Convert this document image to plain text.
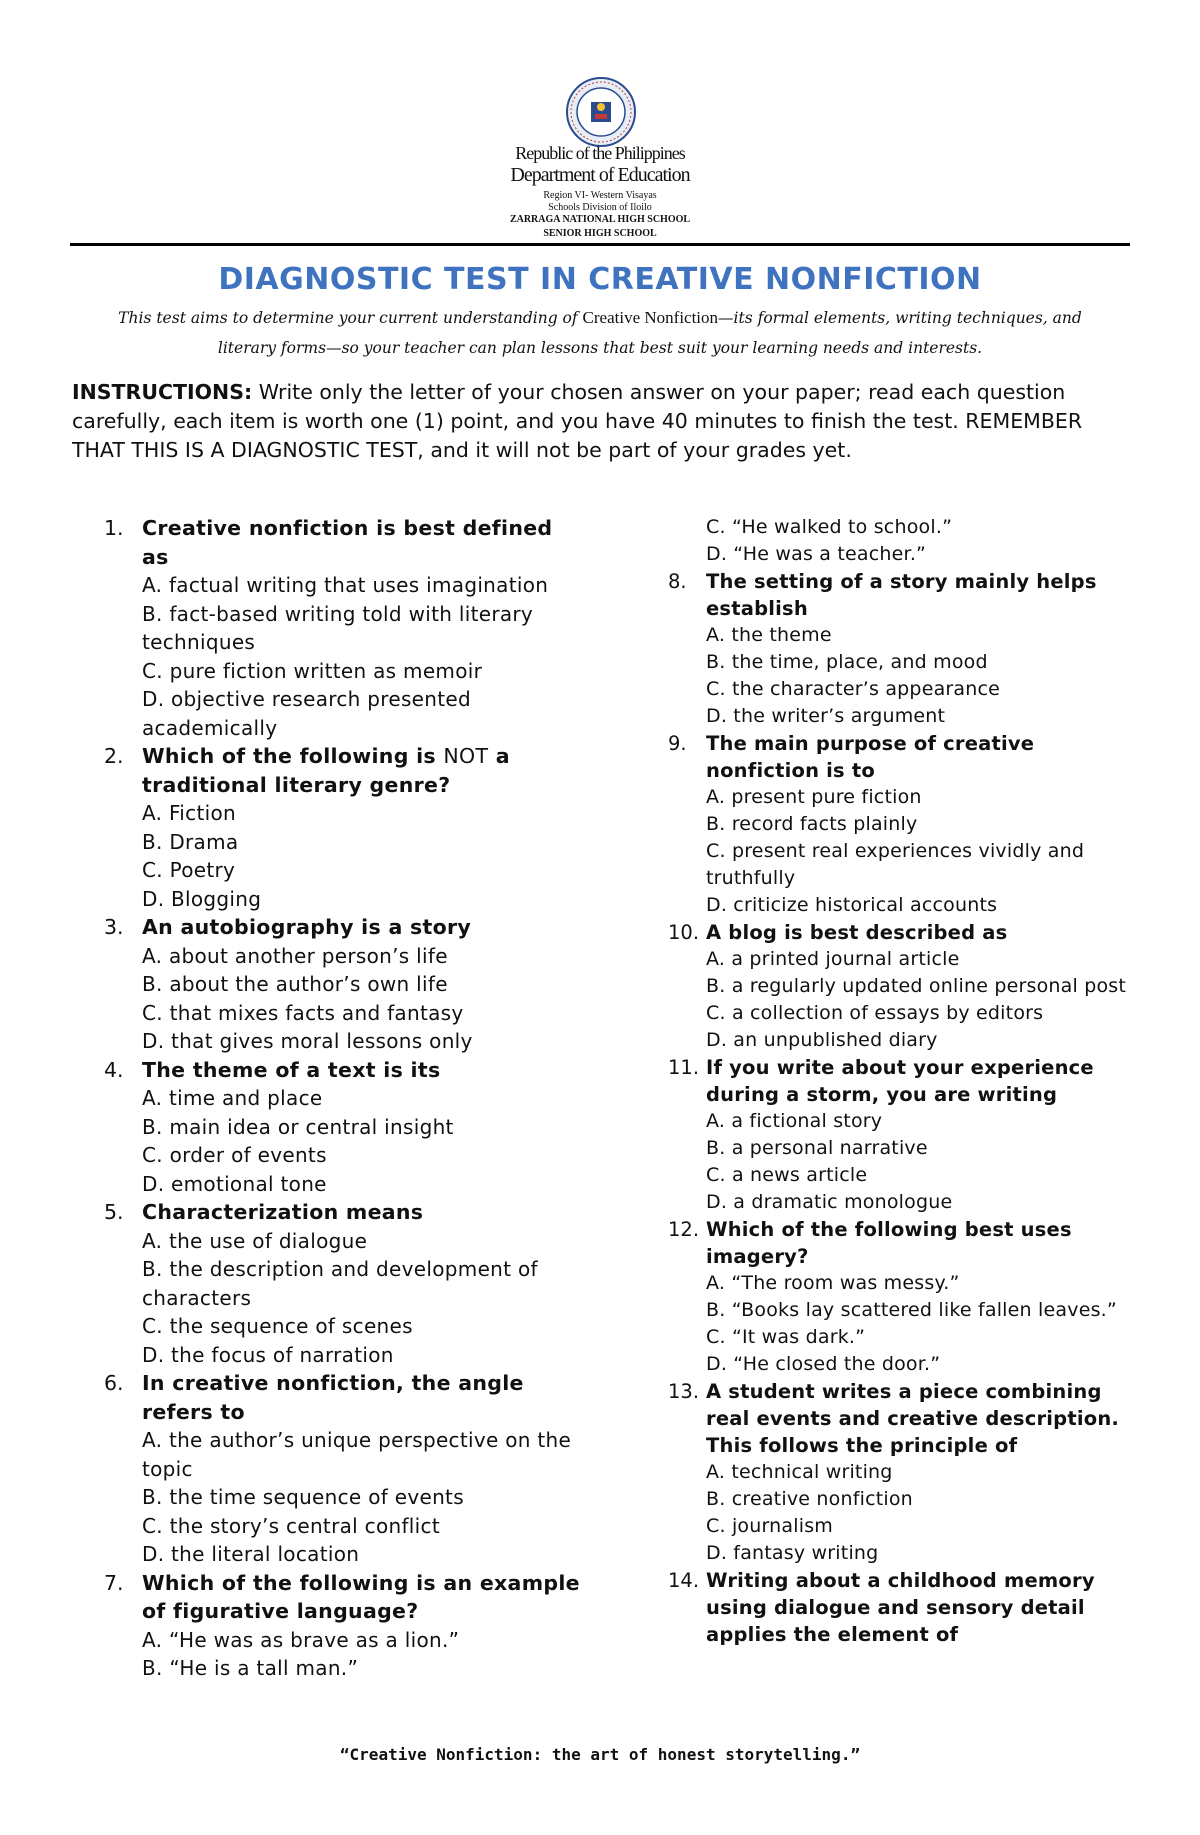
Republic of the Philippines
Department of Education
Region VI- Western Visayas
Schools Division of Iloilo
ZARRAGA NATIONAL HIGH SCHOOL
SENIOR HIGH SCHOOL
DIAGNOSTIC TEST IN CREATIVE NONFICTION
This test aims to determine your current understanding of Creative Nonfiction—its formal elements, writing techniques, and literary forms—so your teacher can plan lessons that best suit your learning needs and interests.
INSTRUCTIONS: Write only the letter of your chosen answer on your paper; read each question carefully, each item is worth one (1) point, and you have 40 minutes to finish the test. REMEMBER THAT THIS IS A DIAGNOSTIC TEST, and it will not be part of your grades yet.
1. Creative nonfiction is best defined as
A. factual writing that uses imagination
B. fact-based writing told with literary techniques
C. pure fiction written as memoir
D. objective research presented academically
2. Which of the following is NOT a traditional literary genre?
A. Fiction
B. Drama
C. Poetry
D. Blogging
3. An autobiography is a story
A. about another person’s life
B. about the author’s own life
C. that mixes facts and fantasy
D. that gives moral lessons only
4. The theme of a text is its
A. time and place
B. main idea or central insight
C. order of events
D. emotional tone
5. Characterization means
A. the use of dialogue
B. the description and development of characters
C. the sequence of scenes
D. the focus of narration
6. In creative nonfiction, the angle refers to
A. the author’s unique perspective on the topic
B. the time sequence of events
C. the story’s central conflict
D. the literal location
7. Which of the following is an example of figurative language?
A. “He was as brave as a lion.”
B. “He is a tall man.”
C. “He walked to school.”
D. “He was a teacher.”
8. The setting of a story mainly helps establish
A. the theme
B. the time, place, and mood
C. the character’s appearance
D. the writer’s argument
9. The main purpose of creative nonfiction is to
A. present pure fiction
B. record facts plainly
C. present real experiences vividly and truthfully
D. criticize historical accounts
10. A blog is best described as
A. a printed journal article
B. a regularly updated online personal post
C. a collection of essays by editors
D. an unpublished diary
11. If you write about your experience during a storm, you are writing
A. a fictional story
B. a personal narrative
C. a news article
D. a dramatic monologue
12. Which of the following best uses imagery?
A. “The room was messy.”
B. “Books lay scattered like fallen leaves.”
C. “It was dark.”
D. “He closed the door.”
13. A student writes a piece combining real events and creative description. This follows the principle of
A. technical writing
B. creative nonfiction
C. journalism
D. fantasy writing
14. Writing about a childhood memory using dialogue and sensory detail applies the element of
“Creative Nonfiction: the art of honest storytelling.”
